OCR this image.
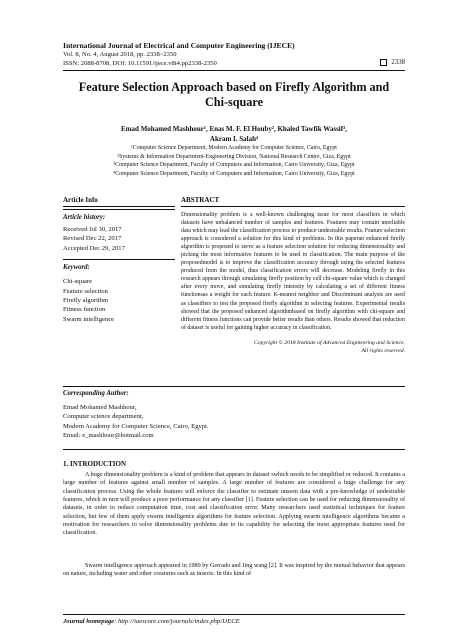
International Journal of Electrical and Computer Engineering (IJECE)
Vol. 8, No. 4, August 2018, pp. 2338~2350
ISSN: 2088-8708, DOI: 10.11591/ijece.v8i4.pp2338-2350	2338
Feature Selection Approach based on Firefly Algorithm and
Chi-square
Emad Mohamed Mashhour¹, Enas M. F. El Houby², Khaled Tawfik Wassif³,
Akram I. Salah⁴
¹Computer Science Department, Modern Academy for Computer Science, Cairo, Egypt
²Systems & Information Department-Engineering Division, National Research Centre, Giza, Egypt
³Computer Science Department, Faculty of Computers and Information, Cairo University, Giza, Egypt
⁴Computer Science Department, Faculty of Computers and Information, Cairo University, Giza, Egypt
Article Info
Article history:
Received Jul 30, 2017
Revised Dec 22, 2017
Accepted Dec 29, 2017
Keyword:
Chi-square
Feature selection
Firefly algorithm
Fitness function
Swarm intelligence
ABSTRACT

Dimensionality problem is a well-known challenging issue for most classifiers in which datasets have unbalanced number of samples and features. Features may contain unreliable data which may lead the classification process to produce undesirable results. Feature selection approach is considered a solution for this kind of problems. In this paperan enhanced firefly algorithm is proposed to serve as a feature selection solution for reducing dimensionality and picking the most informative features to be used in classification. The main purpose of the proposedmodel is to improve the classification accuracy through using the selected features produced from the model, thus classification errors will decrease. Modeling firefly in this research appears through simulating firefly position by cell chi-square value which is changed after every move, and simulating firefly intensity by calculating a set of different fitness functionsas a weight for each feature. K-nearest neighbor and Discriminant analysis are used as classifiers to test the proposed firefly algorithm in selecting features. Experimental results showed that the proposed enhanced algorithmbased on firefly algorithm with chi-square and different fitness functions can provide better results than others. Results showed that reduction of dataset is useful for gaining higher accuracy in classification.

Copyright © 2018 Institute of Advanced Engineering and Science.
All rights reserved.
Corresponding Author:
Emad Mohamed Mashhour,
Computer science department,
Modern Academy for Computer Science, Cairo, Egypt.
Email: e_mashhour@hotmail.com
1. INTRODUCTION

A huge dimensionality problem is a kind of problem that appears in dataset swhich needs to be simplified or reduced. It contains a large number of features against small number of samples. A large number of features are considered a huge challenge for any classification process. Using the whole features will enforce the classifier to estimate unseen data with a pre-knowledge of undesirable features, which in turn will produce a poor performance for any classifier [1]. Feature selection can be used for reducing dimensionality of datasets, in order to reduce computation time, cost and classification error. Many researchers used statistical techniques for feature selection, but few of them apply swarm intelligence algorithms for feature selection. Applying swarm intelligence algorithms became a motivation for researchers to solve dimensionality problems due to its capability for selecting the most appropriate features used for classification.

Swarm intelligence approach appeared in 1989 by Gerrado and Jing wang [2]. It was inspired by the mutual behavior that appears on nature, including water and other creatures such as insects. In this kind of

Journal homepage: http://iaescore.com/journals/index.php/IJECE
